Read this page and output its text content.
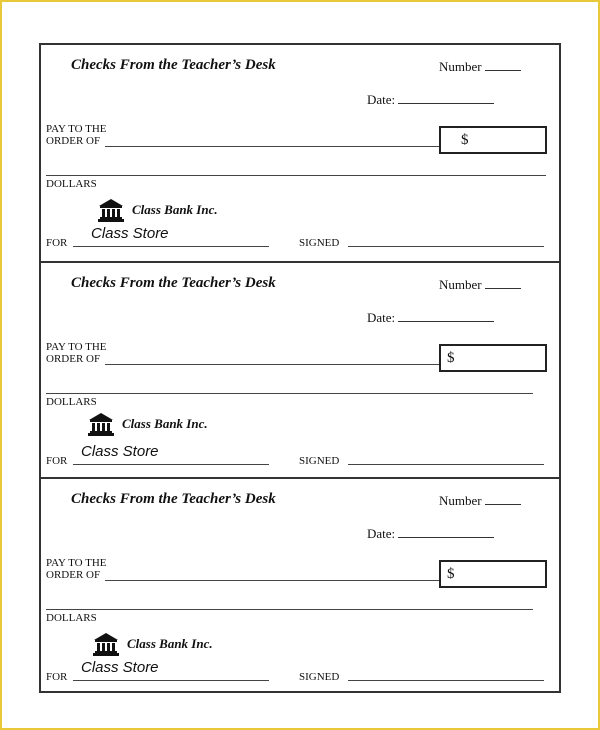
Checks From the Teacher’s Desk	Number
Date:
PAY TO THE
ORDER OF	$
DOLLARS
Class Bank Inc.
FOR
Class Store
SIGNED
Checks From the Teacher’s Desk	Number
Date:
PAY TO THE
ORDER OF	$
DOLLARS
Class Bank Inc.
FOR
Class Store
SIGNED
Checks From the Teacher’s Desk	Number
Date:
PAY TO THE
ORDER OF	$
DOLLARS
Class Bank Inc.
FOR
Class Store
SIGNED
